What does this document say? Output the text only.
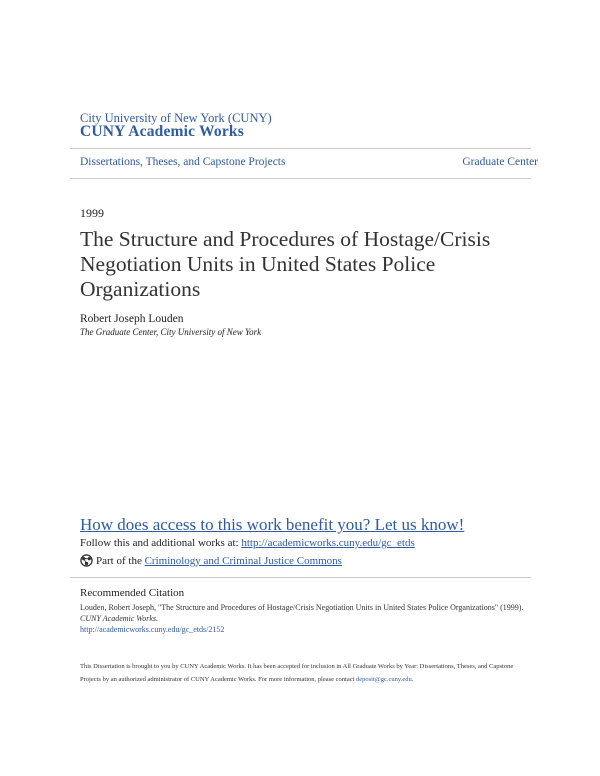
City University of New York (CUNY)
CUNY Academic Works
Dissertations, Theses, and Capstone Projects	Graduate Center
1999
The Structure and Procedures of Hostage/Crisis Negotiation Units in United States Police Organizations
Robert Joseph Louden
The Graduate Center, City University of New York
How does access to this work benefit you? Let us know!
Follow this and additional works at: http://academicworks.cuny.edu/gc_etds
Part of the
Criminology and Criminal Justice Commons
Recommended Citation
Louden, Robert Joseph, "The Structure and Procedures of Hostage/Crisis Negotiation Units in United States Police Organizations" (1999). CUNY Academic Works.
http://academicworks.cuny.edu/gc_etds/2152
This Dissertation is brought to you by CUNY Academic Works. It has been accepted for inclusion in All Graduate Works by Year: Dissertations, Theses, and Capstone Projects by an authorized administrator of CUNY Academic Works. For more information, please contact deposit@gc.cuny.edu.
